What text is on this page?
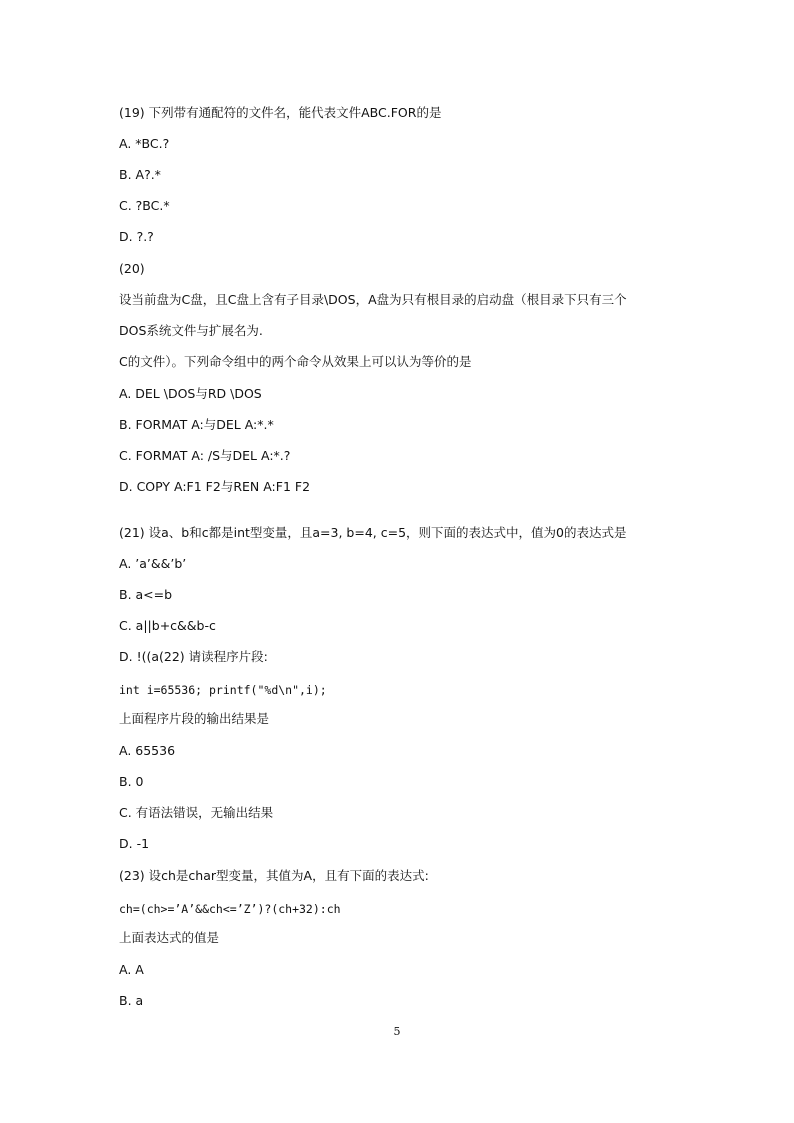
(19) 下列带有通配符的文件名，能代表文件ABC.FOR的是
A. *BC.?
B. A?.*
C. ?BC.*
D. ?.?
(20)
设当前盘为C盘，且C盘上含有子目录\DOS，A盘为只有根目录的启动盘（根目录下只有三个
DOS系统文件与扩展名为.
C的文件）。下列命令组中的两个命令从效果上可以认为等价的是
A. DEL \DOS与RD \DOS
B. FORMAT A:与DEL A:*.*
C. FORMAT A: /S与DEL A:*.?
D. COPY A:F1 F2与REN A:F1 F2
(21) 设a、b和c都是int型变量，且a=3, b=4, c=5，则下面的表达式中，值为0的表达式是
A. ’a’&&’b’
B. a<=b
C. a||b+c&&b-c
D. !((a(22) 请读程序片段:
int i=65536; printf("%d\n",i);
上面程序片段的输出结果是
A. 65536
B. 0
C. 有语法错误，无输出结果
D. -1
(23) 设ch是char型变量，其值为A，且有下面的表达式:
ch=(ch>=’A’&&ch<=’Z’)?(ch+32):ch
上面表达式的值是
A. A
B. a
5
